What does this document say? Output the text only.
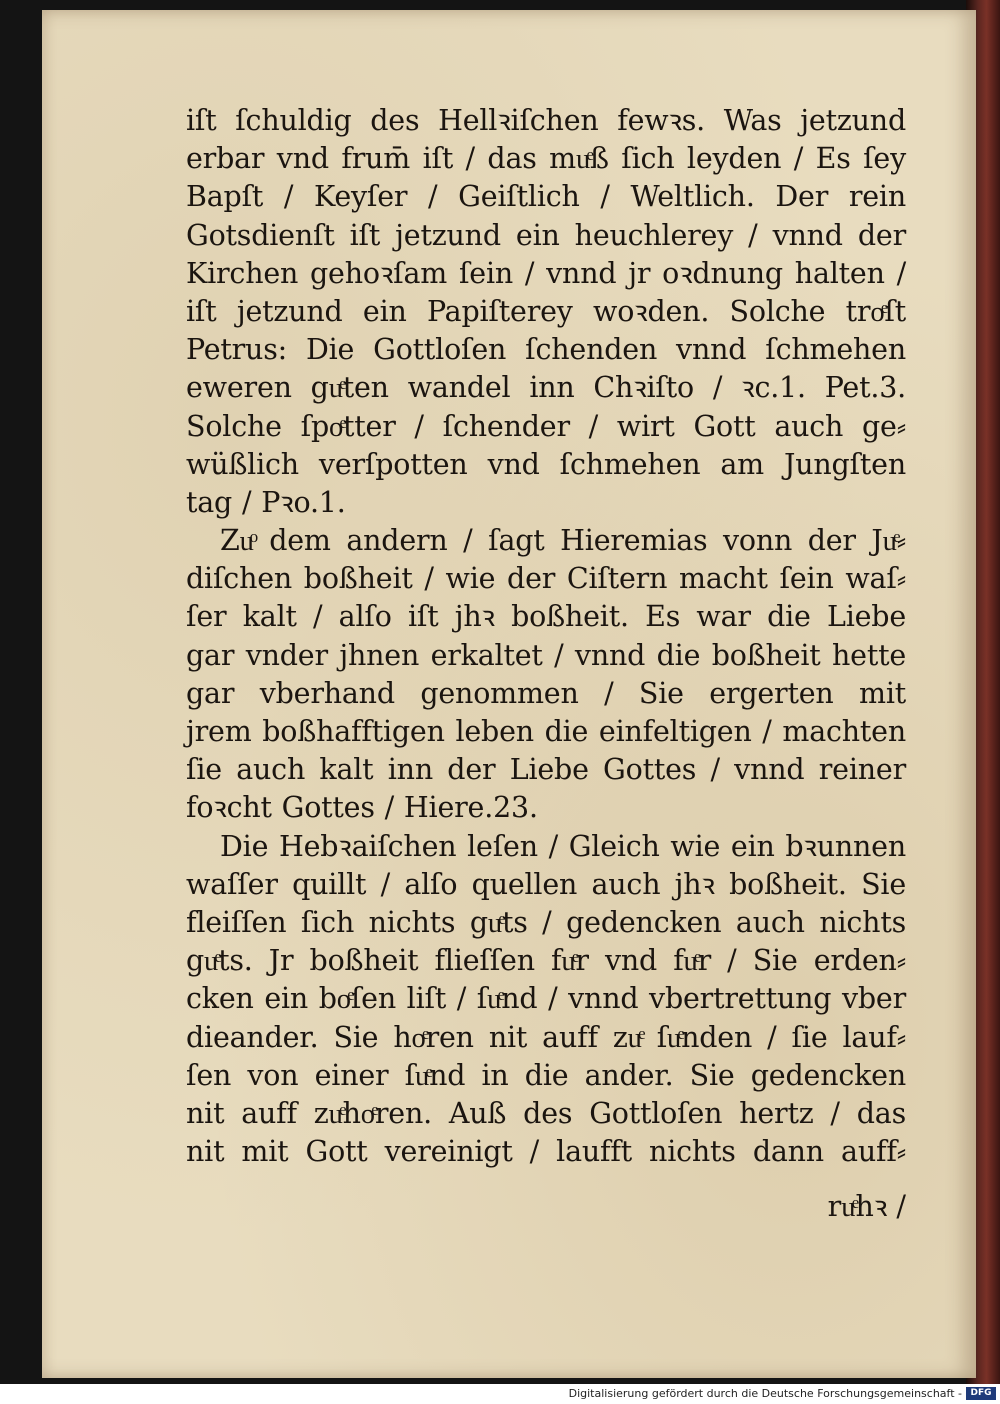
iſt ſchuldig des Hellꝛiſchen fewꝛs. Was jetzund
erbar vnd frum̄ iſt / das muͤß ſich leyden / Es ſey
Bapſt / Keyſer / Geiſtlich / Weltlich. Der rein
Gotsdienſt iſt jetzund ein heuchlerey / vnnd der
Kirchen gehoꝛſam ſein / vnnd jr oꝛdnung halten /
iſt jetzund ein Papiſterey woꝛden. Solche troͤſt
Petrus: Die Gottloſen ſchenden vnnd ſchmehen
eweren guͤten wandel inn Chꝛiſto / ꝛc.1. Pet.3.
Solche ſpoͤtter / ſchender / wirt Gott auch ge⸗
wüßlich verſpotten vnd ſchmehen am Jungſten
tag / Pꝛo.1.
Zuͦ dem andern / ſagt Hieremias vonn der Juͤ⸗
diſchen boßheit / wie der Ciſtern macht ſein waſ⸗
ſer kalt / alſo iſt jhꝛ boßheit. Es war die Liebe
gar vnder jhnen erkaltet / vnnd die boßheit hette
gar vberhand genommen / Sie ergerten mit
jrem boßhafftigen leben die einfeltigen / machten
ſie auch kalt inn der Liebe Gottes / vnnd reiner
foꝛcht Gottes / Hiere.23.
Die Hebꝛaiſchen leſen / Gleich wie ein bꝛunnen
waſſer quillt / alſo quellen auch jhꝛ boßheit. Sie
fleiſſen ſich nichts guͤts / gedencken auch nichts
guͤts. Jr boßheit flieſſen fuͤr vnd fuͤr / Sie erden⸗
cken ein boͤſen liſt / ſuͤnd / vnnd vbertrettung vber
dieander. Sie hoͤren nit auff zuͤ ſuͤnden / ſie lauf⸗
ſen von einer ſuͤnd in die ander. Sie gedencken
nit auff zuͤhoͤren. Auß des Gottloſen hertz / das
nit mit Gott vereinigt / laufft nichts dann auff⸗
ruͤhꝛ /
Digitalisierung gefördert durch die Deutsche Forschungsgemeinschaft - DFG
